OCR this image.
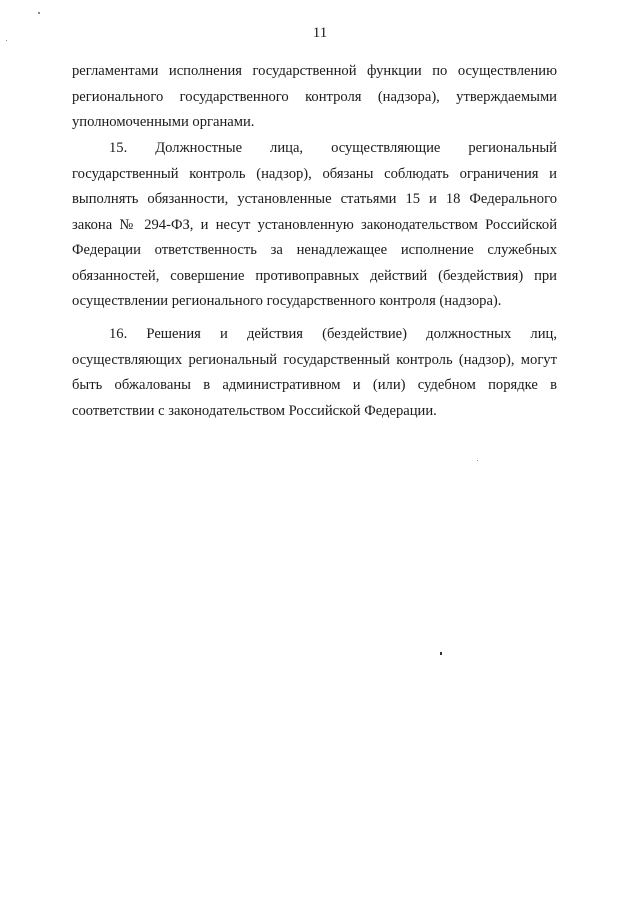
11

регламентами исполнения государственной функции по осуществлению регионального государственного контроля (надзора), утверждаемыми уполномоченными органами.

15. Должностные лица, осуществляющие региональный государственный контроль (надзор), обязаны соблюдать ограничения и выполнять обязанности, установленные статьями 15 и 18 Федерального закона № 294-ФЗ, и несут установленную законодательством Российской Федерации ответственность за ненадлежащее исполнение служебных обязанностей, совершение противоправных действий (бездействия) при осуществлении регионального государственного контроля (надзора).

16. Решения и действия (бездействие) должностных лиц, осуществляющих региональный государственный контроль (надзор), могут быть обжалованы в административном и (или) судебном порядке в соответствии с законодательством Российской Федерации.
